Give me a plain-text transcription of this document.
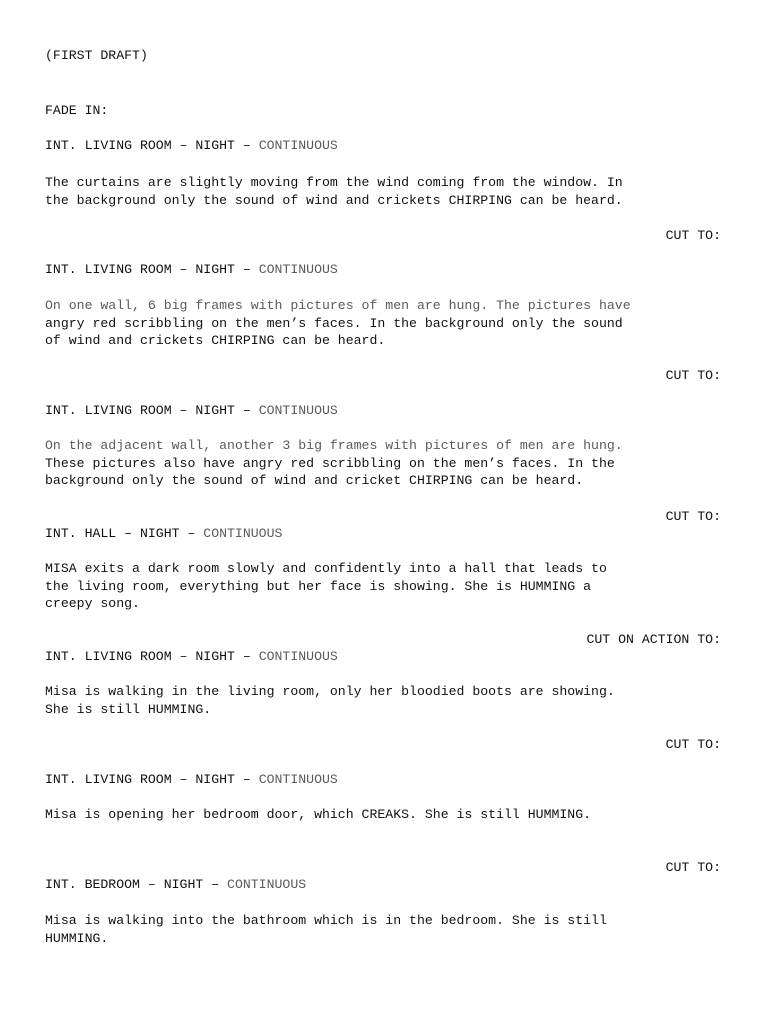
(FIRST DRAFT)
FADE IN:
INT. LIVING ROOM – NIGHT – CONTINUOUS
The curtains are slightly moving from the wind coming from the window. In
the background only the sound of wind and crickets CHIRPING can be heard.
CUT TO:
INT. LIVING ROOM – NIGHT – CONTINUOUS
On one wall, 6 big frames with pictures of men are hung. The pictures have
angry red scribbling on the men’s faces. In the background only the sound
of wind and crickets CHIRPING can be heard.
CUT TO:
INT. LIVING ROOM – NIGHT – CONTINUOUS
On the adjacent wall, another 3 big frames with pictures of men are hung.
These pictures also have angry red scribbling on the men’s faces. In the
background only the sound of wind and cricket CHIRPING can be heard.
CUT TO:
INT. HALL – NIGHT – CONTINUOUS
MISA exits a dark room slowly and confidently into a hall that leads to
the living room, everything but her face is showing. She is HUMMING a
creepy song.
CUT ON ACTION TO:
INT. LIVING ROOM – NIGHT – CONTINUOUS
Misa is walking in the living room, only her bloodied boots are showing.
She is still HUMMING.
CUT TO:
INT. LIVING ROOM – NIGHT – CONTINUOUS
Misa is opening her bedroom door, which CREAKS. She is still HUMMING.
CUT TO:
INT. BEDROOM – NIGHT – CONTINUOUS
Misa is walking into the bathroom which is in the bedroom. She is still
HUMMING.
